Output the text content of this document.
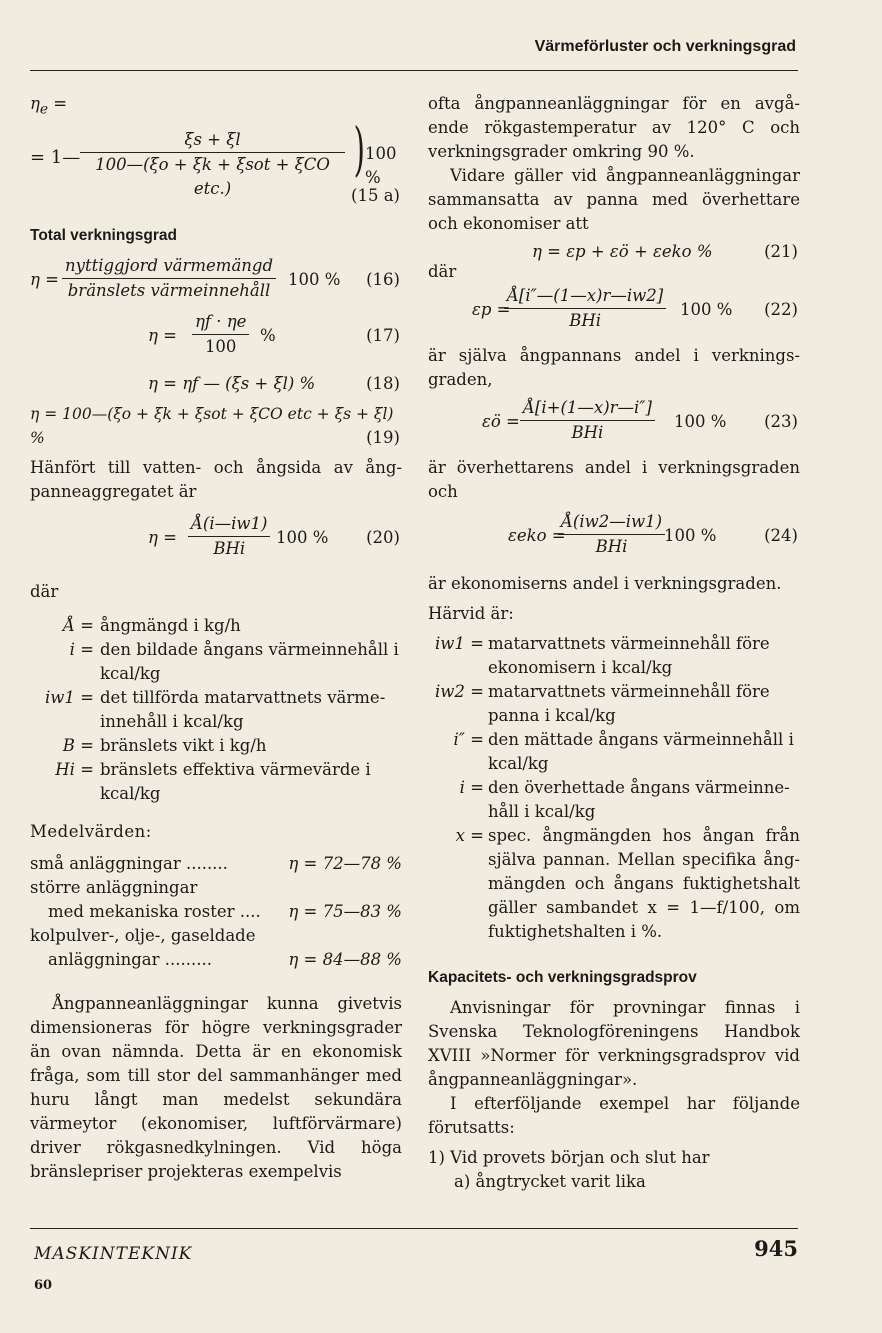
Värmeförluster och verkningsgrad
$\eta_e$ =
= 1—
ξs + ξl
100—(ξo + ξk + ξsot + ξCO etc.)
) 100 %
(15 a)

Total verkningsgrad

η =
nyttiggjord värmemängd
bränslets värmeinnehåll
100 % (16)
$\eta = \frac{\eta f \cdot \eta e}{100}$ %	(17)
η = ηf — (ξs + ξl) %	(18)
η = 100—(ξo + ξk + ξsot + ξCO etc + ξs + ξl) %	(19)

Hänfört till vatten- och ångsida av ångpanneaggregatet är

η =
Å(i—iw1)
BHi
100 % (20)

där

Å = ångmängd i kg/h
i = den bildade ångans värmeinnehåll i kcal/kg
iw1 = det tillförda matarvattnets värmeinnehåll i kcal/kg
B = bränslets vikt i kg/h
Hi = bränslets effektiva värmevärde i kcal/kg

Medelvärden:

små anläggningar ........	η = 72—78 %
större anläggningar
med mekaniska roster .... η = 75—83 %
kolpulver-, olje-, gaseldade
anläggningar .........	η = 84—88 %

Ångpanneanläggningar kunna givetvis dimensioneras för högre verkningsgrader än ovan nämnda. Detta är en ekonomisk fråga, som till stor del sammanhänger med huru långt man medelst sekundära värmeytor (ekonomiser, luftförvärmare) driver rökgasnedkylningen. Vid höga bränslepriser projekteras exempelvis

ofta ångpanneanläggningar för en avgående rökgastemperatur av 120° C och verkningsgrader omkring 90 %.

Vidare gäller vid ångpanneanläggningar sammansatta av panna med överhettare och ekonomiser att

η = εp + εö + εeko %	(21)

där

εp =
Å[i″—(1—x)r—iw2]
BHi
100 % (22)

är själva ångpannans andel i verkningsgraden,

εö =
Å[i+(1—x)r—i″]
BHi
100 % (23)

är överhettarens andel i verkningsgraden och

εeko =
Å(iw2—iw1)
BHi
100 %	(24)

är ekonomiserns andel i verkningsgraden.

Härvid är:

iw1 = matarvattnets värmeinnehåll före ekonomisern i kcal/kg
iw2 = matarvattnets värmeinnehåll före panna i kcal/kg
i″ = den mättade ångans värmeinnehåll i kcal/kg
i = den överhettade ångans värmeinnehåll i kcal/kg
x = spec. ångmängden hos ångan från själva pannan. Mellan specifika ångmängden och ångans fuktighetshalt gäller sambandet x = 1—f/100, om fuktighetshalten i %.

Kapacitets- och verkningsgradsprov

Anvisningar för provningar finnas i Svenska Teknologföreningens Handbok XVIII »Normer för verkningsgradsprov vid ångpanneanläggningar».

I efterföljande exempel har följande förutsatts:

1) Vid provets början och slut har

a) ångtrycket varit lika

MASKINTEKNIK	945
60
